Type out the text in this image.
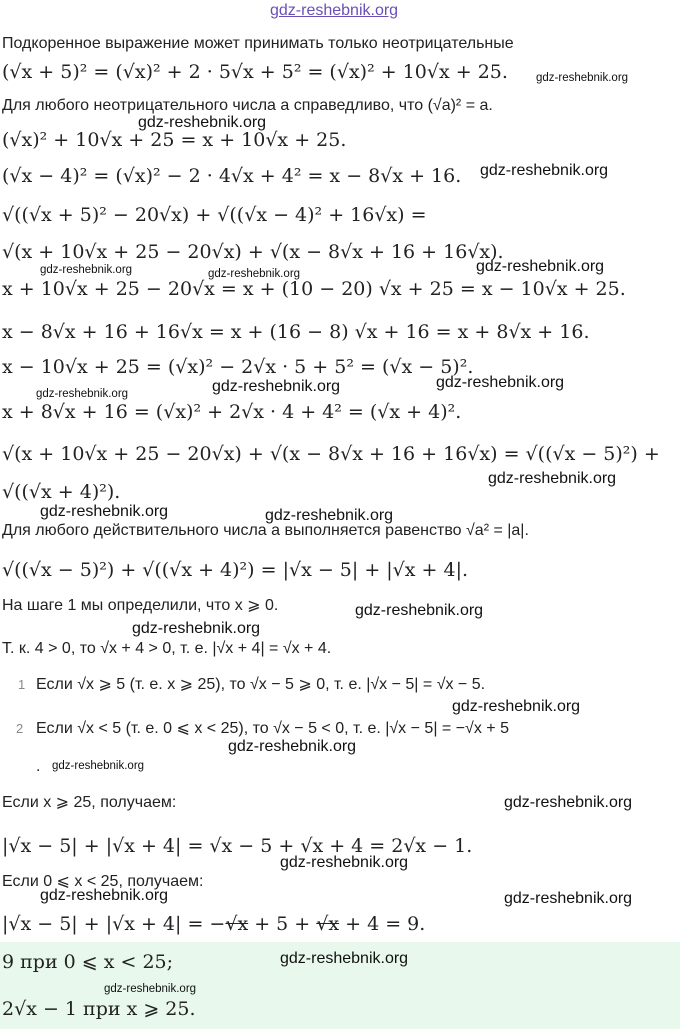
gdz-reshebnik.org
Подкоренное выражение может принимать только неотрицательные
(√x + 5)² = (√x)² + 2 · 5√x + 5² = (√x)² + 10√x + 25. gdz-reshebnik.org
Для любого неотрицательного числа a справедливо, что (√a)² = a.
gdz-reshebnik.org
(√x)² + 10√x + 25 = x + 10√x + 25.
(√x − 4)² = (√x)² − 2 · 4√x + 4² = x − 8√x + 16. gdz-reshebnik.org
√((√x + 5)² − 20√x) + √((√x − 4)² + 16√x) =
√(x + 10√x + 25 − 20√x) + √(x − 8√x + 16 + 16√x).
gdz-reshebnik.org	gdz-reshebnik.org	gdz-reshebnik.org
x + 10√x + 25 − 20√x = x + (10 − 20) √x + 25 = x − 10√x + 25.
x − 8√x + 16 + 16√x = x + (16 − 8) √x + 16 = x + 8√x + 16.
x − 10√x + 25 = (√x)² − 2√x · 5 + 5² = (√x − 5)².
gdz-reshebnik.org	gdz-reshebnik.org	gdz-reshebnik.org
x + 8√x + 16 = (√x)² + 2√x · 4 + 4² = (√x + 4)².
√(x + 10√x + 25 − 20√x) + √(x − 8√x + 16 + 16√x) = √((√x − 5)²) +
gdz-reshebnik.org
√((√x + 4)²).
gdz-reshebnik.org	gdz-reshebnik.org
Для любого действительного числа a выполняется равенство √a² = |a|.
√((√x − 5)²) + √((√x + 4)²) = |√x − 5| + |√x + 4|.
На шаге 1 мы определили, что x ⩾ 0.	gdz-reshebnik.org
gdz-reshebnik.org
Т. к. 4 > 0, то √x + 4 > 0, т. е. |√x + 4| = √x + 4.
1 Если √x ⩾ 5 (т. е. x ⩾ 25), то √x − 5 ⩾ 0, т. е. |√x − 5| = √x − 5.
gdz-reshebnik.org
2 Если √x < 5 (т. е. 0 ⩽ x < 25), то √x − 5 < 0, т. е. |√x − 5| = −√x + 5
gdz-reshebnik.org
. gdz-reshebnik.org
Если x ⩾ 25, получаем:	gdz-reshebnik.org
|√x − 5| + |√x + 4| = √x − 5 + √x + 4 = 2√x − 1.
gdz-reshebnik.org
Если 0 ⩽ x < 25, получаем:
gdz-reshebnik.org	gdz-reshebnik.org
|√x − 5| + |√x + 4| = −√x + 5 + √x + 4 = 9.
9 при 0 ⩽ x < 25;	gdz-reshebnik.org
gdz-reshebnik.org
2√x − 1 при x ⩾ 25.
